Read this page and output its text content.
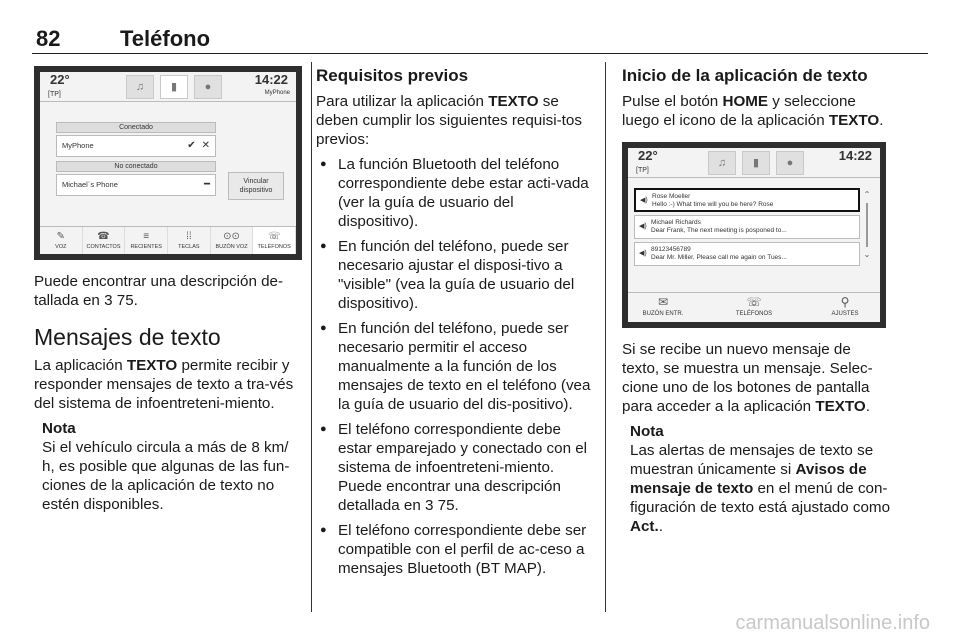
82	Teléfono
22°
[TP]
♫	▮	●	14:22
MyPhone
Conectado
MyPhone	✔ ✕
No conectado
Michael´s Phone	━	Vincular dispositivo
✎
VOZ
☎
CONTACTOS
≡
RECIENTES
⁞⁞
TECLAS
⊙⊙
BUZÓN VOZ
☏
TELÉFONOS

Puede encontrar una descripción de-tallada en 3 75.

Mensajes de texto

La aplicación TEXTO permite recibir y responder mensajes de texto a tra-vés del sistema de infoentreteni-miento.

Nota
Si el vehículo circula a más de 8 km/ h, es posible que algunas de las fun-ciones de la aplicación de texto no estén disponibles.
Requisitos previos

Para utilizar la aplicación TEXTO se deben cumplir los siguientes requisi-tos previos:

● La función Bluetooth del teléfono correspondiente debe estar acti-vada (ver la guía de usuario del dispositivo).
● En función del teléfono, puede ser necesario ajustar el disposi-tivo a "visible" (vea la guía de usuario del dispositivo).
● En función del teléfono, puede ser necesario permitir el acceso manualmente a la función de los mensajes de texto en el teléfono (vea la guía de usuario del dis-positivo).
● El teléfono correspondiente debe estar emparejado y conectado con el sistema de infoentreteni-miento. Puede encontrar una descripción detallada en 3 75.
● El teléfono correspondiente debe ser compatible con el perfil de ac-ceso a mensajes Bluetooth (BT MAP).
Inicio de la aplicación de texto

Pulse el botón HOME y seleccione luego el icono de la aplicación TEXTO.

22°
[TP]
♫	▮	●	14:22
◀)
Rose Moeller
Hello :-) What time will you be here? Rose
◀)
Michael Richards
Dear Frank, The next meeting is posponed to...
◀)
89123456789
Dear Mr. Miller, Please call me again on Tues...
⌃
⌄
✉
BUZÓN ENTR.
☏
TELÉFONOS
⚲
AJUSTES

Si se recibe un nuevo mensaje de texto, se muestra un mensaje. Selec-cione uno de los botones de pantalla para acceder a la aplicación TEXTO.

Nota
Las alertas de mensajes de texto se muestran únicamente si Avisos de mensaje de texto en el menú de con-figuración de texto está ajustado como Act..
carmanualsonline.info
